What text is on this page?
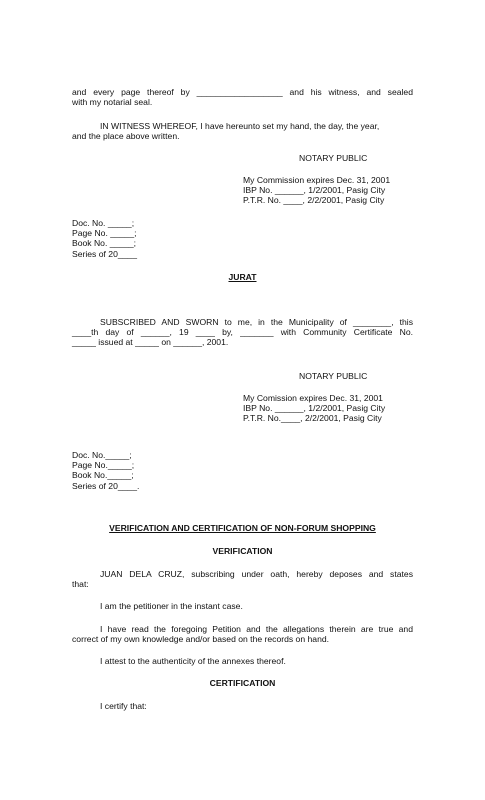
and every page thereof by __________________ and his witness, and sealed
with my notarial seal.
IN WITNESS WHEREOF, I have hereunto set my hand, the day, the year,
and the place above written.

NOTARY PUBLIC

My Commission expires Dec. 31, 2001
IBP No. ______, 1/2/2001, Pasig City
P.T.R. No. ____, 2/2/2001, Pasig City
Doc. No. _____;
Page No. _____;
Book No. _____;
Series of 20____

JURAT

SUBSCRIBED AND SWORN to me, in the Municipality of ________, this
____th day of ______, 19 ____ by, _______ with Community Certificate No.
_____ issued at _____ on ______, 2001.

NOTARY PUBLIC

My Comission expires Dec. 31, 2001
IBP No. ______, 1/2/2001, Pasig City
P.T.R. No.____, 2/2/2001, Pasig City
Doc. No._____;
Page No._____;
Book No._____;
Series of 20____.

VERIFICATION AND CERTIFICATION OF NON-FORUM SHOPPING

VERIFICATION

JUAN DELA CRUZ, subscribing under oath, hereby deposes and states
that:

I am the petitioner in the instant case.

I have read the foregoing Petition and the allegations therein are true and
correct of my own knowledge and/or based on the records on hand.

I attest to the authenticity of the annexes thereof.

CERTIFICATION

I certify that:
